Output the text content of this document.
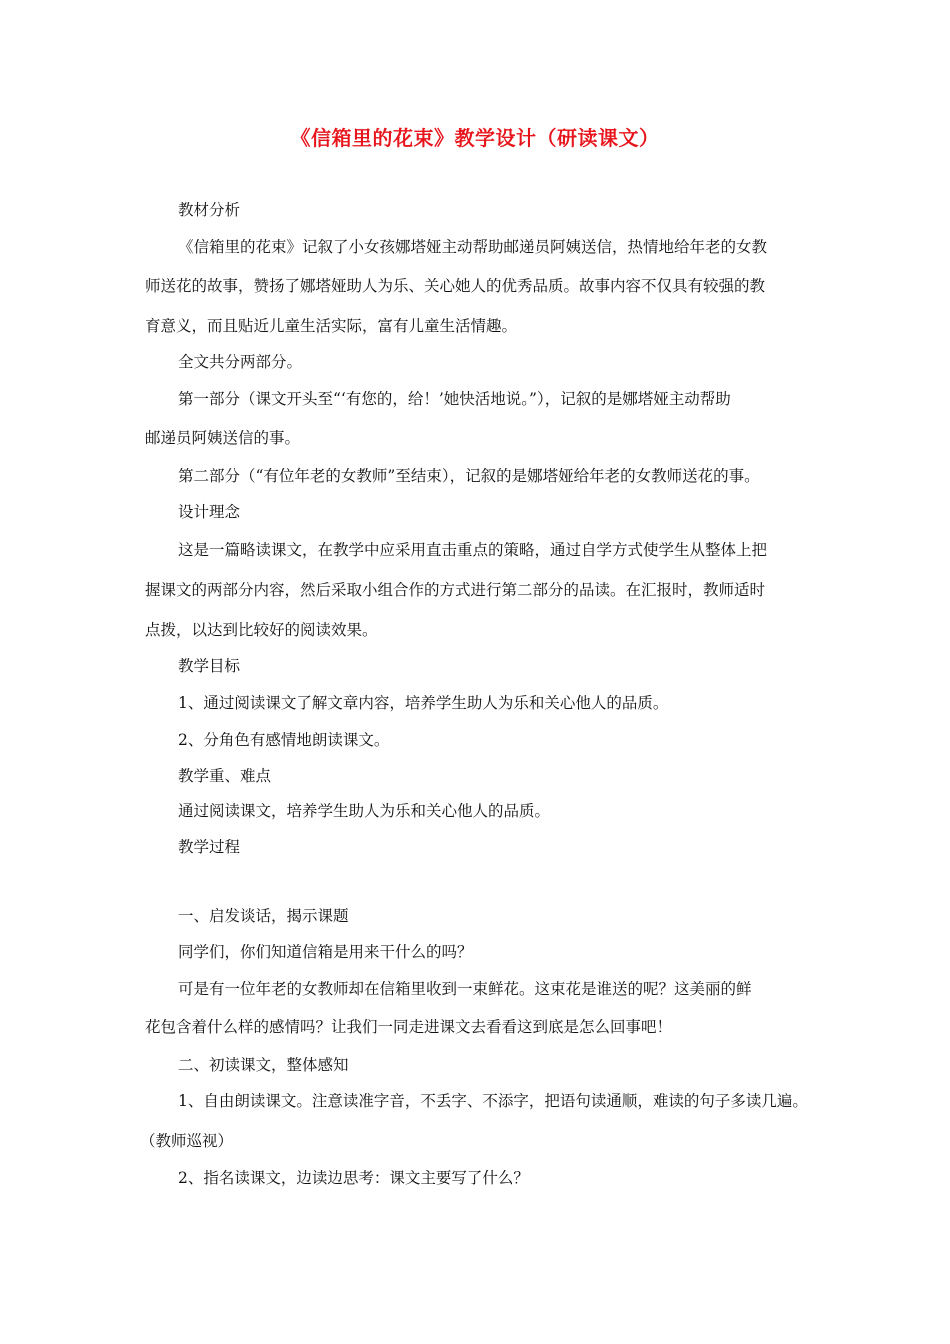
《信箱里的花束》教学设计（研读课文）
教材分析
《信箱里的花束》记叙了小女孩娜塔娅主动帮助邮递员阿姨送信，热情地给年老的女教
师送花的故事，赞扬了娜塔娅助人为乐、关心她人的优秀品质。故事内容不仅具有较强的教
育意义，而且贴近儿童生活实际，富有儿童生活情趣。
全文共分两部分。
第一部分（课文开头至“‘有您的，给！’她快活地说。”），记叙的是娜塔娅主动帮助
邮递员阿姨送信的事。
第二部分（“有位年老的女教师”至结束），记叙的是娜塔娅给年老的女教师送花的事。
设计理念
这是一篇略读课文，在教学中应采用直击重点的策略，通过自学方式使学生从整体上把
握课文的两部分内容，然后采取小组合作的方式进行第二部分的品读。在汇报时，教师适时
点拨，以达到比较好的阅读效果。
教学目标
1、通过阅读课文了解文章内容，培养学生助人为乐和关心他人的品质。
2、分角色有感情地朗读课文。
教学重、难点
通过阅读课文，培养学生助人为乐和关心他人的品质。
教学过程
一、启发谈话，揭示课题
同学们，你们知道信箱是用来干什么的吗？
可是有一位年老的女教师却在信箱里收到一束鲜花。这束花是谁送的呢？这美丽的鲜
花包含着什么样的感情吗？让我们一同走进课文去看看这到底是怎么回事吧！
二、初读课文，整体感知
1、自由朗读课文。注意读准字音，不丢字、不添字，把语句读通顺，难读的句子多读几遍。
（教师巡视）
2、指名读课文，边读边思考：课文主要写了什么？
